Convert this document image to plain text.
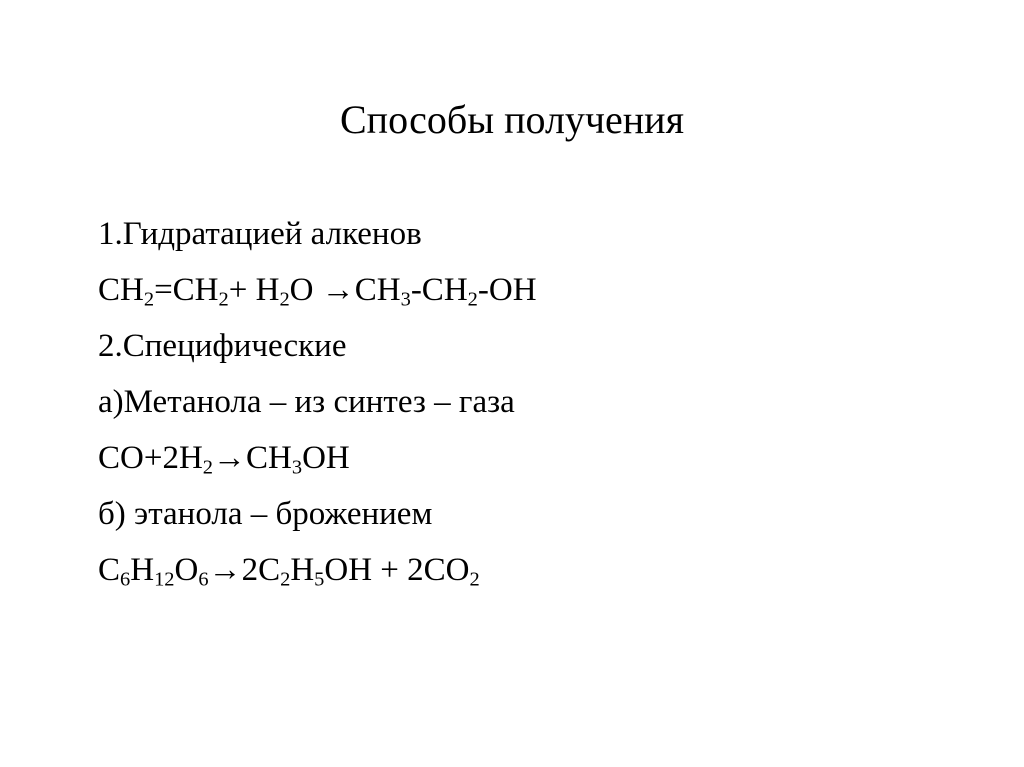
Способы получения
1.Гидратацией алкенов
CH2=CH2+ H2O →CH3-CH2-OH
2.Специфические
а)Метанола – из синтез – газа
CO+2H2→CH3OH
б) этанола – брожением
C6H12O6→2C2H5OH + 2CO2
